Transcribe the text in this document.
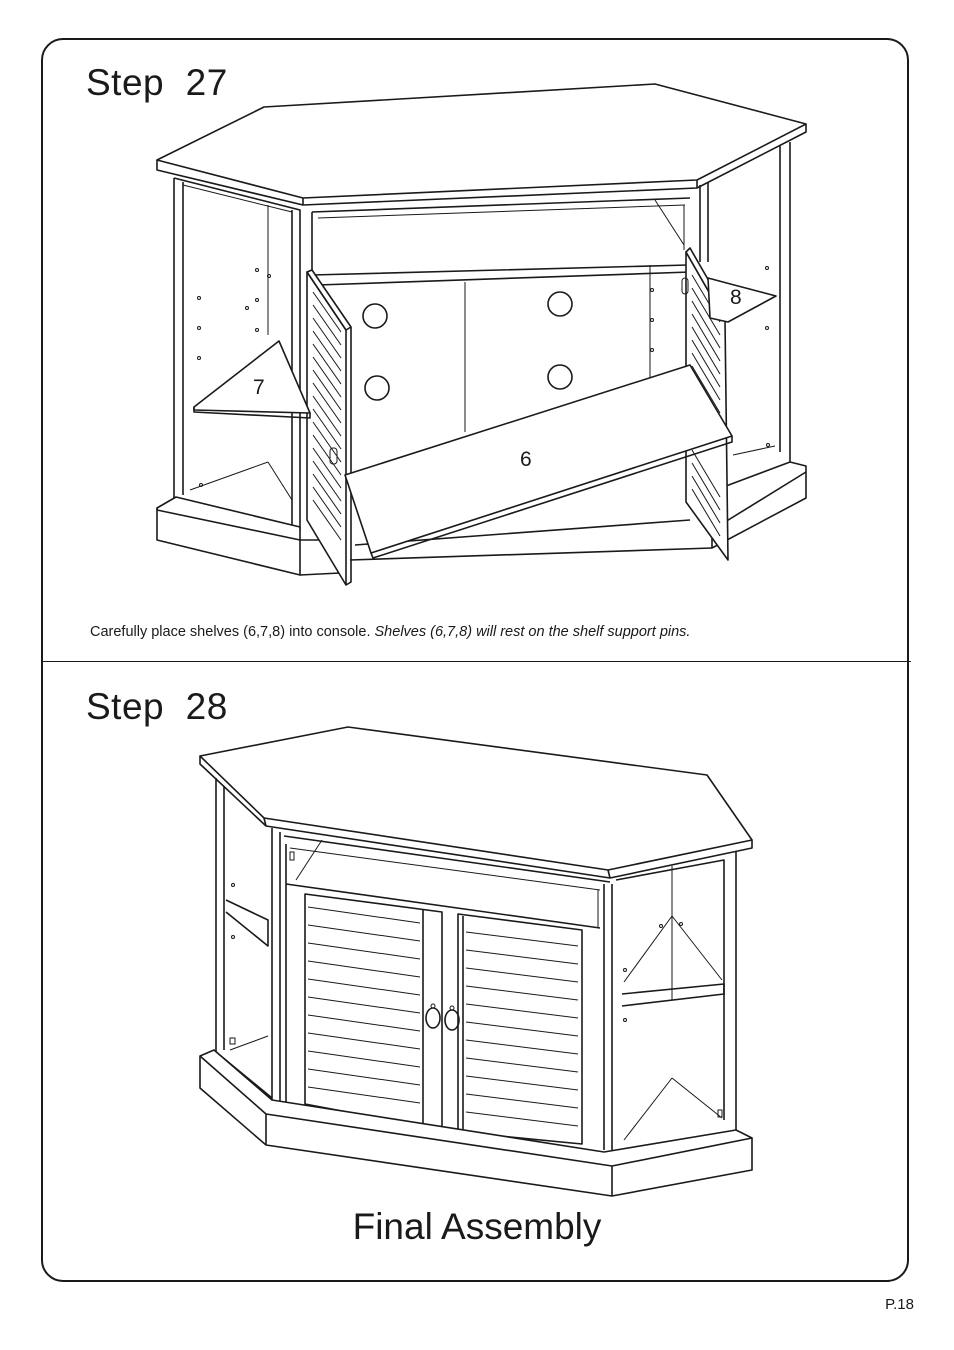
Step  27
7
8
6
Carefully place shelves (6,7,8) into console. Shelves (6,7,8) will rest on the shelf support pins.
Step  28
Final Assembly
P.18
